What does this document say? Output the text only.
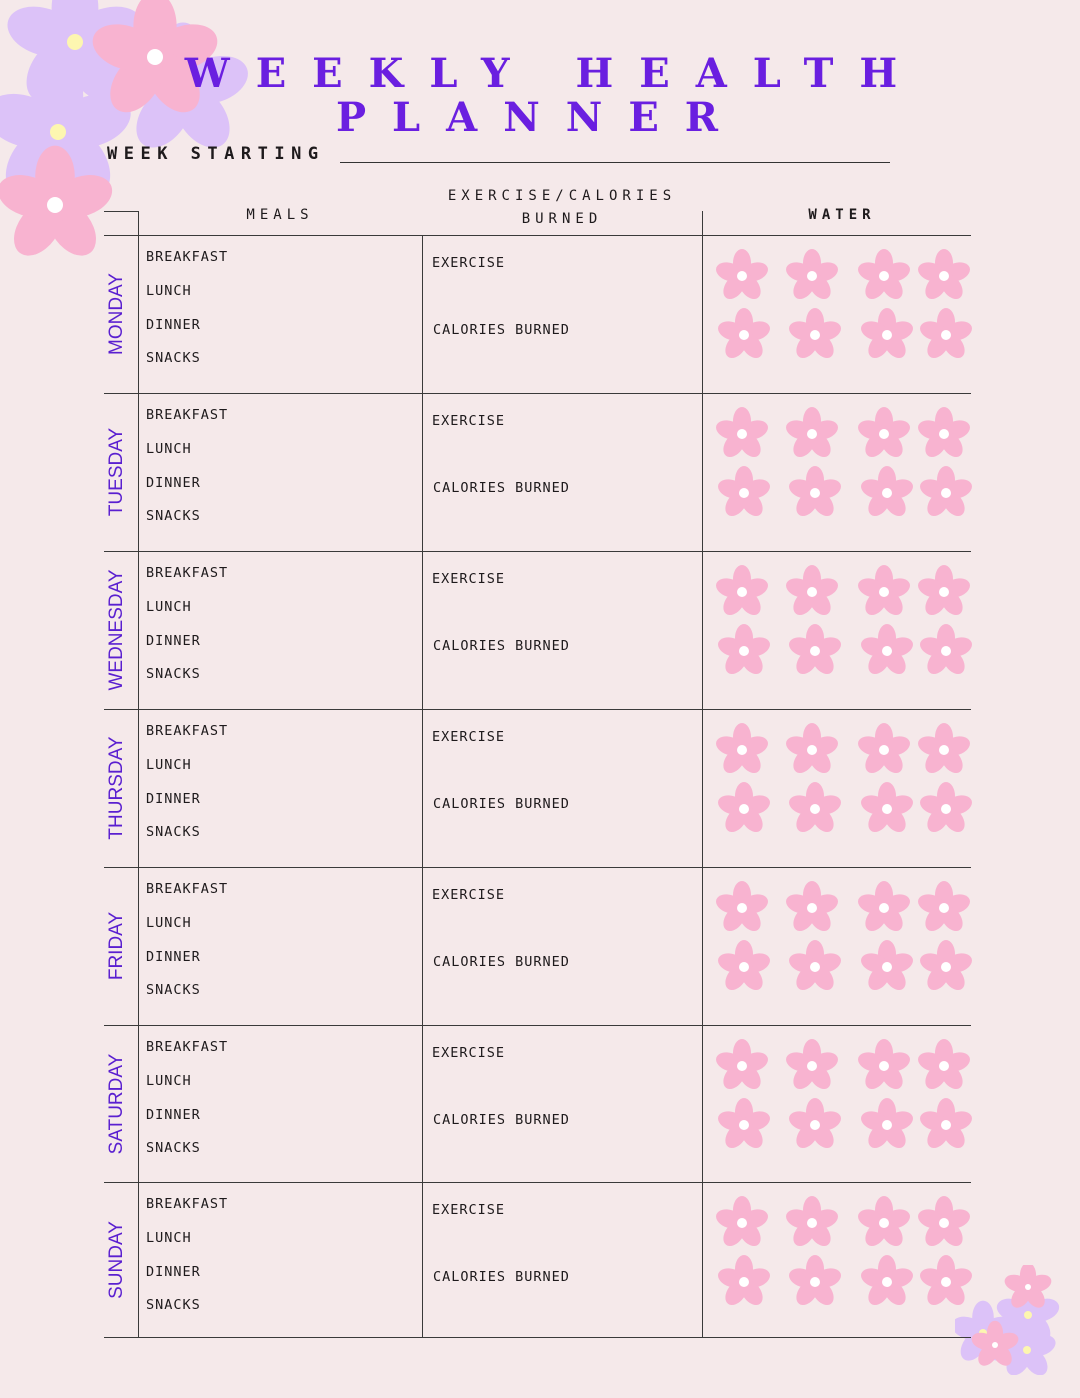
WEEKLY HEALTH
PLANNER
WEEK STARTING
MEALS
EXERCISE/CALORIES
BURNED	WATER
MONDAY
BREAKFAST
LUNCH
DINNER
SNACKS
EXERCISE
CALORIES BURNED
TUESDAY
BREAKFAST
LUNCH
DINNER
SNACKS
EXERCISE
CALORIES BURNED
WEDNESDAY BREAKFAST
LUNCH
DINNER
SNACKS
EXERCISE
CALORIES BURNED
THURSDAY
BREAKFAST
LUNCH
DINNER
SNACKS
EXERCISE
CALORIES BURNED
FRIDAY
BREAKFAST
LUNCH
DINNER
SNACKS
EXERCISE
CALORIES BURNED
SATURDAY
BREAKFAST
LUNCH
DINNER
SNACKS
EXERCISE
CALORIES BURNED
SUNDAY
BREAKFAST
LUNCH
DINNER
SNACKS
EXERCISE
CALORIES BURNED
